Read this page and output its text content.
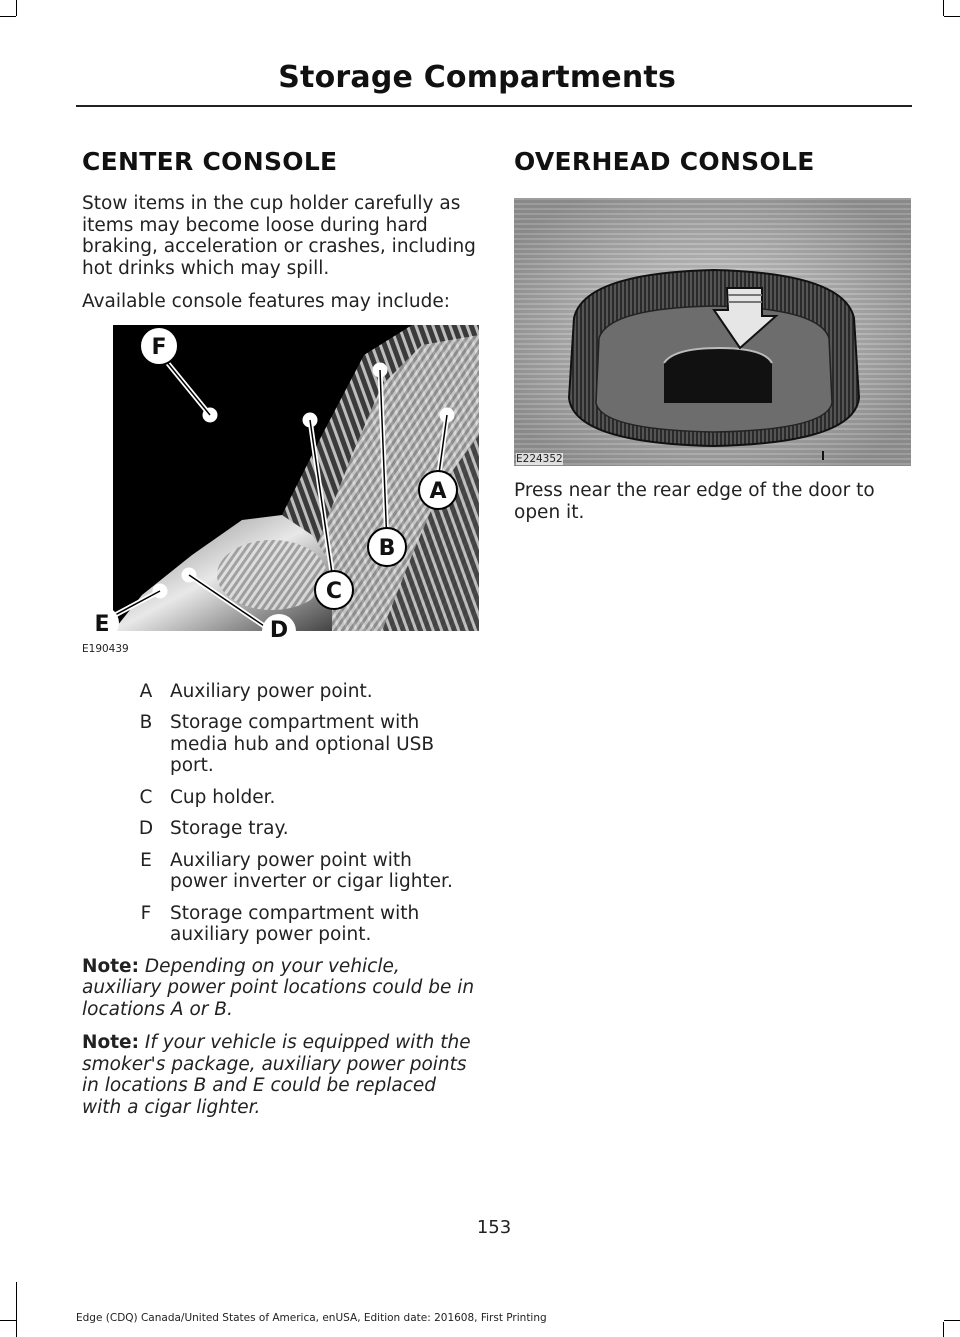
Storage Compartments
CENTER CONSOLE

Stow items in the cup holder carefully as items may become loose during hard braking, acceleration or crashes, including hot drinks which may spill.

Available console features may include:

F
A
B
C
D
E
E190439
A Auxiliary power point.
B Storage compartment with media hub and optional USB port.
C Cup holder.
D Storage tray.
E Auxiliary power point with power inverter or cigar lighter.
F	Storage compartment with auxiliary power point.

Note: Depending on your vehicle, auxiliary power point locations could be in locations A or B.

Note: If your vehicle is equipped with the smoker's package, auxiliary power points in locations B and E could be replaced with a cigar lighter.

OVERHEAD CONSOLE
E224352

Press near the rear edge of the door to open it.

153
Edge (CDQ) Canada/United States of America, enUSA, Edition date: 201608, First Printing
